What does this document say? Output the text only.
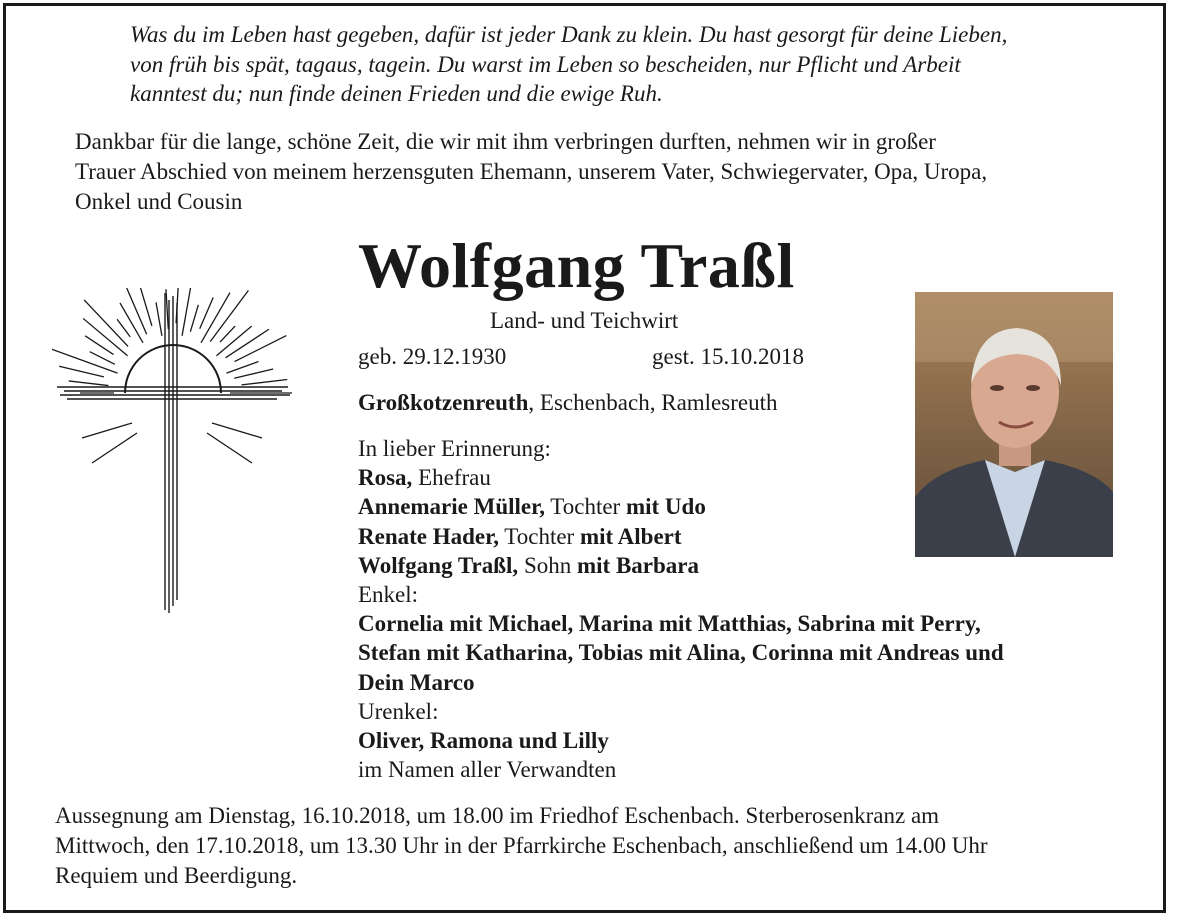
Was du im Leben hast gegeben, dafür ist jeder Dank zu klein. Du hast gesorgt für deine Lieben,
von früh bis spät, tagaus, tagein. Du warst im Leben so bescheiden, nur Pflicht und Arbeit
kanntest du; nun finde deinen Frieden und die ewige Ruh.
Dankbar für die lange, schöne Zeit, die wir mit ihm verbringen durften, nehmen wir in großer
Trauer Abschied von meinem herzensguten Ehemann, unserem Vater, Schwiegervater, Opa, Uropa,
Onkel und Cousin
Wolfgang Traßl
Land- und Teichwirt
geb. 29.12.1930	gest. 15.10.2018
Großkotzenreuth, Eschenbach, Ramlesreuth
In lieber Erinnerung:
Rosa, Ehefrau
Annemarie Müller, Tochter mit Udo
Renate Hader, Tochter mit Albert
Wolfgang Traßl, Sohn mit Barbara
Enkel:
Cornelia mit Michael, Marina mit Matthias, Sabrina mit Perry,
Stefan mit Katharina, Tobias mit Alina, Corinna mit Andreas und
Dein Marco
Urenkel:
Oliver, Ramona und Lilly
im Namen aller Verwandten
Aussegnung am Dienstag, 16.10.2018, um 18.00 im Friedhof Eschenbach. Sterberosenkranz am
Mittwoch, den 17.10.2018, um 13.30 Uhr in der Pfarrkirche Eschenbach, anschließend um 14.00 Uhr
Requiem und Beerdigung.
